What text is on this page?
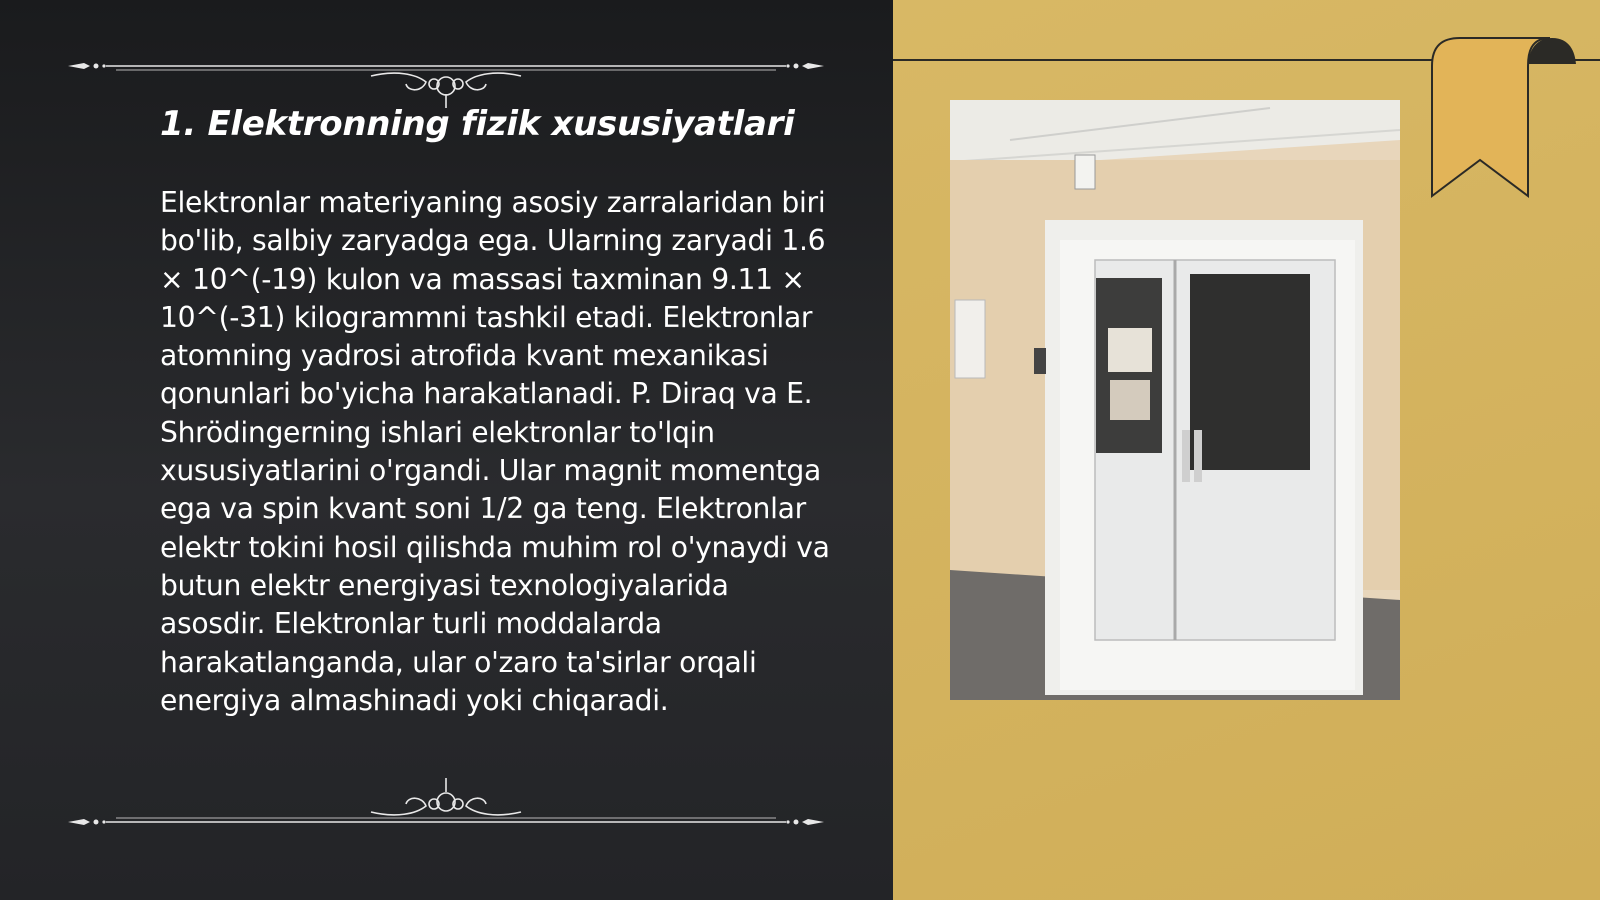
1. Elektronning fizik xususiyatlari

Elektronlar materiyaning asosiy zarralaridan biri bo'lib, salbiy zaryadga ega. Ularning zaryadi 1.6 × 10^(-19) kulon va massasi taxminan 9.11 × 10^(-31) kilogrammni tashkil etadi. Elektronlar atomning yadrosi atrofida kvant mexanikasi qonunlari bo'yicha harakatlanadi. P. Diraq va E. Shrödingerning ishlari elektronlar to'lqin xususiyatlarini o'rgandi. Ular magnit momentga ega va spin kvant soni 1/2 ga teng. Elektronlar elektr tokini hosil qilishda muhim rol o'ynaydi va butun elektr energiyasi texnologiyalarida asosdir. Elektronlar turli moddalarda harakatlanganda, ular o'zaro ta'sirlar orqali energiya almashinadi yoki chiqaradi.
